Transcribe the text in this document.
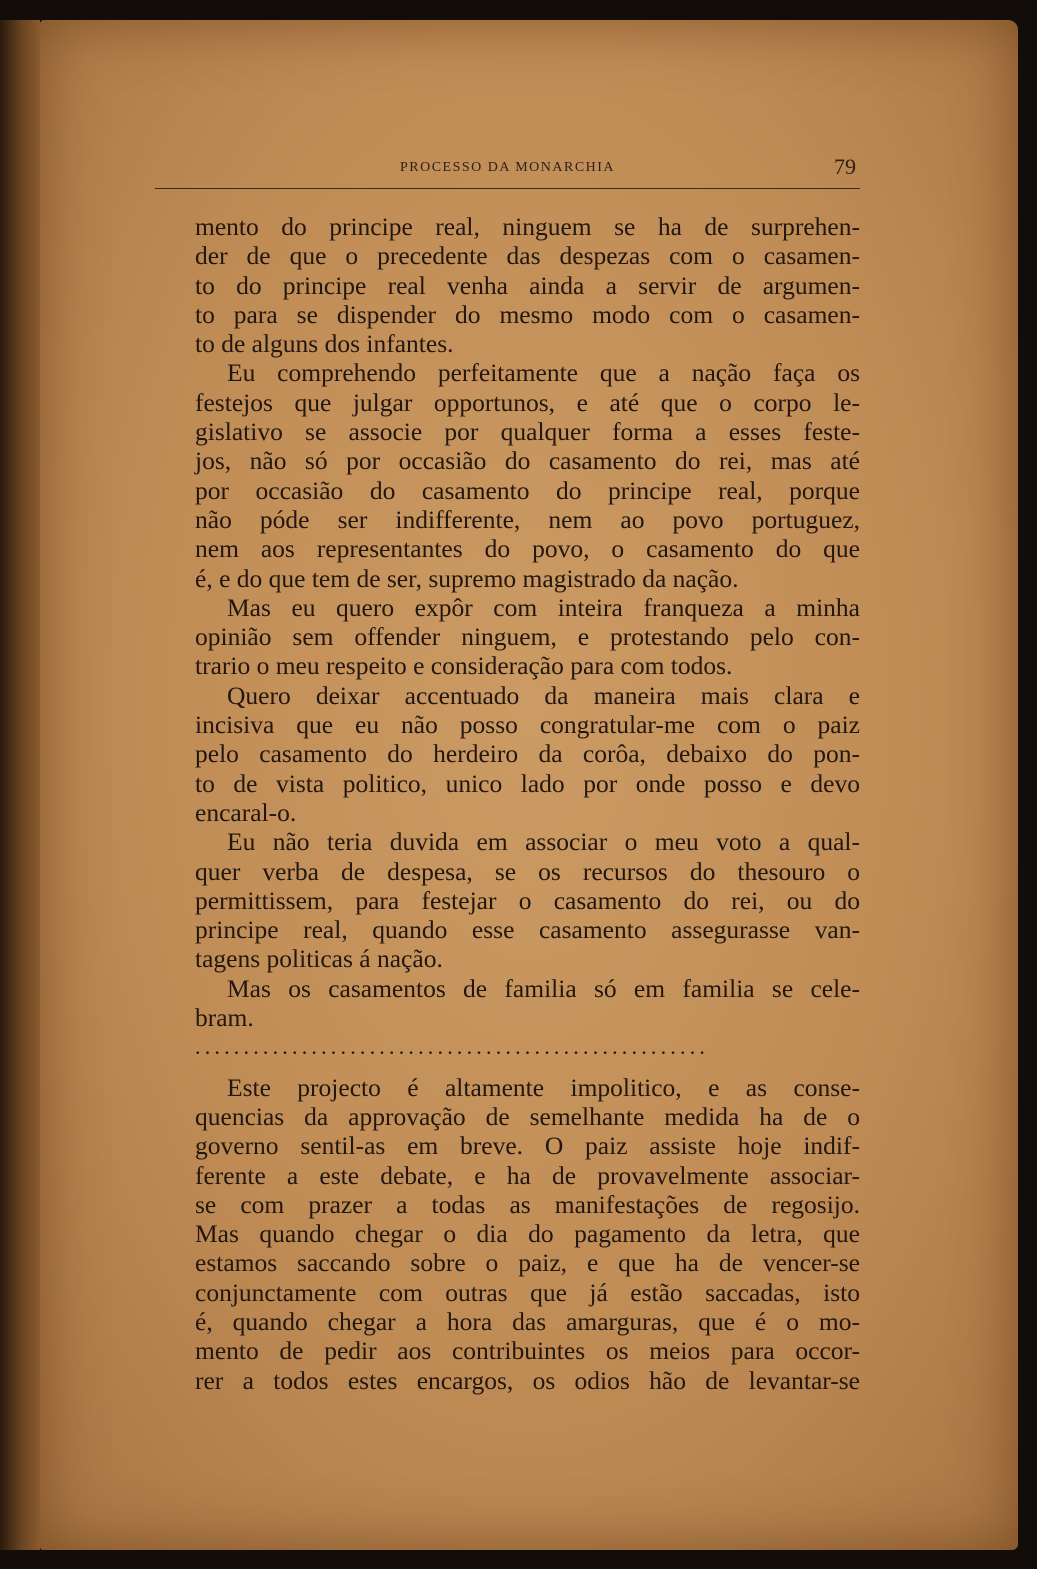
PROCESSO DA MONARCHIA	79
mento do principe real, ninguem se ha de surprehen-
der de que o precedente das despezas com o casamen-
to do principe real venha ainda a servir de argumen-
to para se dispender do mesmo modo com o casamen-
to de alguns dos infantes.
Eu comprehendo perfeitamente que a nação faça os
festejos que julgar opportunos, e até que o corpo le-
gislativo se associe por qualquer forma a esses feste-
jos, não só por occasião do casamento do rei, mas até
por occasião do casamento do principe real, porque
não póde ser indifferente, nem ao povo portuguez,
nem aos representantes do povo, o casamento do que
é, e do que tem de ser, supremo magistrado da nação.
Mas eu quero expôr com inteira franqueza a minha
opinião sem offender ninguem, e protestando pelo con-
trario o meu respeito e consideração para com todos.
Quero deixar accentuado da maneira mais clara e
incisiva que eu não posso congratular-me com o paiz
pelo casamento do herdeiro da corôa, debaixo do pon-
to de vista politico, unico lado por onde posso e devo
encaral-o.
Eu não teria duvida em associar o meu voto a qual-
quer verba de despesa, se os recursos do thesouro o
permittissem, para festejar o casamento do rei, ou do
principe real, quando esse casamento assegurasse van-
tagens politicas á nação.
Mas os casamentos de familia só em familia se cele-
bram.
.....................................................
Este projecto é altamente impolitico, e as conse-
quencias da approvação de semelhante medida ha de o
governo sentil-as em breve. O paiz assiste hoje indif-
ferente a este debate, e ha de provavelmente associar-
se com prazer a todas as manifestações de regosijo.
Mas quando chegar o dia do pagamento da letra, que
estamos saccando sobre o paiz, e que ha de vencer-se
conjunctamente com outras que já estão saccadas, isto
é, quando chegar a hora das amarguras, que é o mo-
mento de pedir aos contribuintes os meios para occor-
rer a todos estes encargos, os odios hão de levantar-se
